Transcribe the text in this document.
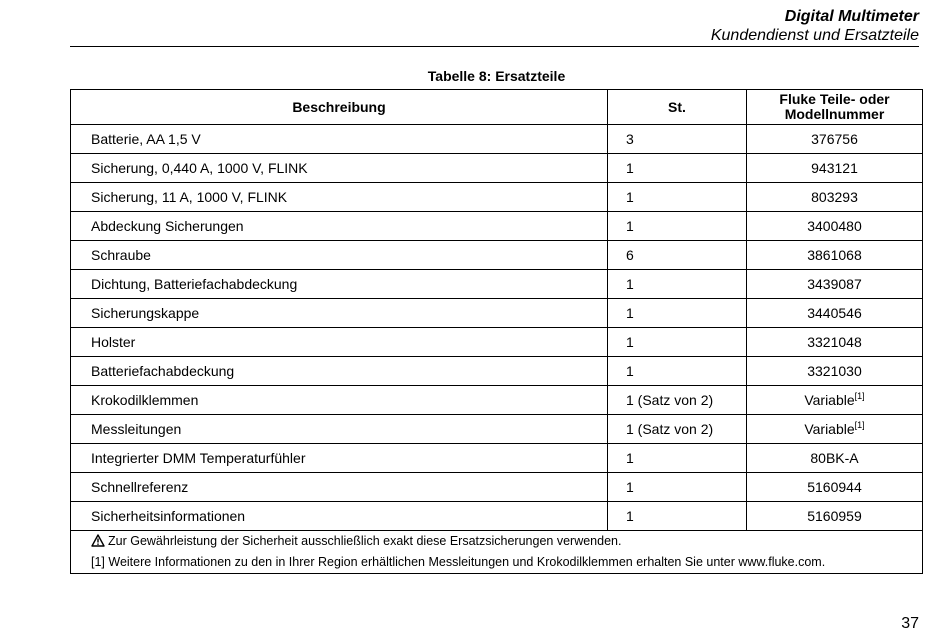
Digital Multimeter
Kundendienst und Ersatzteile
Tabelle 8: Ersatzteile
Beschreibung	St.	Fluke Teile- oder
Modellnummer
Batterie, AA 1,5 V	3	376756
Sicherung, 0,440 A, 1000 V, FLINK	1	943121
Sicherung, 11 A, 1000 V, FLINK	1	803293
Abdeckung Sicherungen	1	3400480
Schraube	6	3861068
Dichtung, Batteriefachabdeckung	1	3439087
Sicherungskappe	1	3440546
Holster	1	3321048
Batteriefachabdeckung	1	3321030
Krokodilklemmen	1 (Satz von 2)	Variable[1]
Messleitungen	1 (Satz von 2)	Variable[1]
Integrierter DMM Temperaturfühler	1	80BK-A
Schnellreferenz	1	5160944
Sicherheitsinformationen	1	5160959

Zur Gewährleistung der Sicherheit ausschließlich exakt diese Ersatzsicherungen verwenden.
[1] Weitere Informationen zu den in Ihrer Region erhältlichen Messleitungen und Krokodilklemmen erhalten Sie unter www.fluke.com.		
37
